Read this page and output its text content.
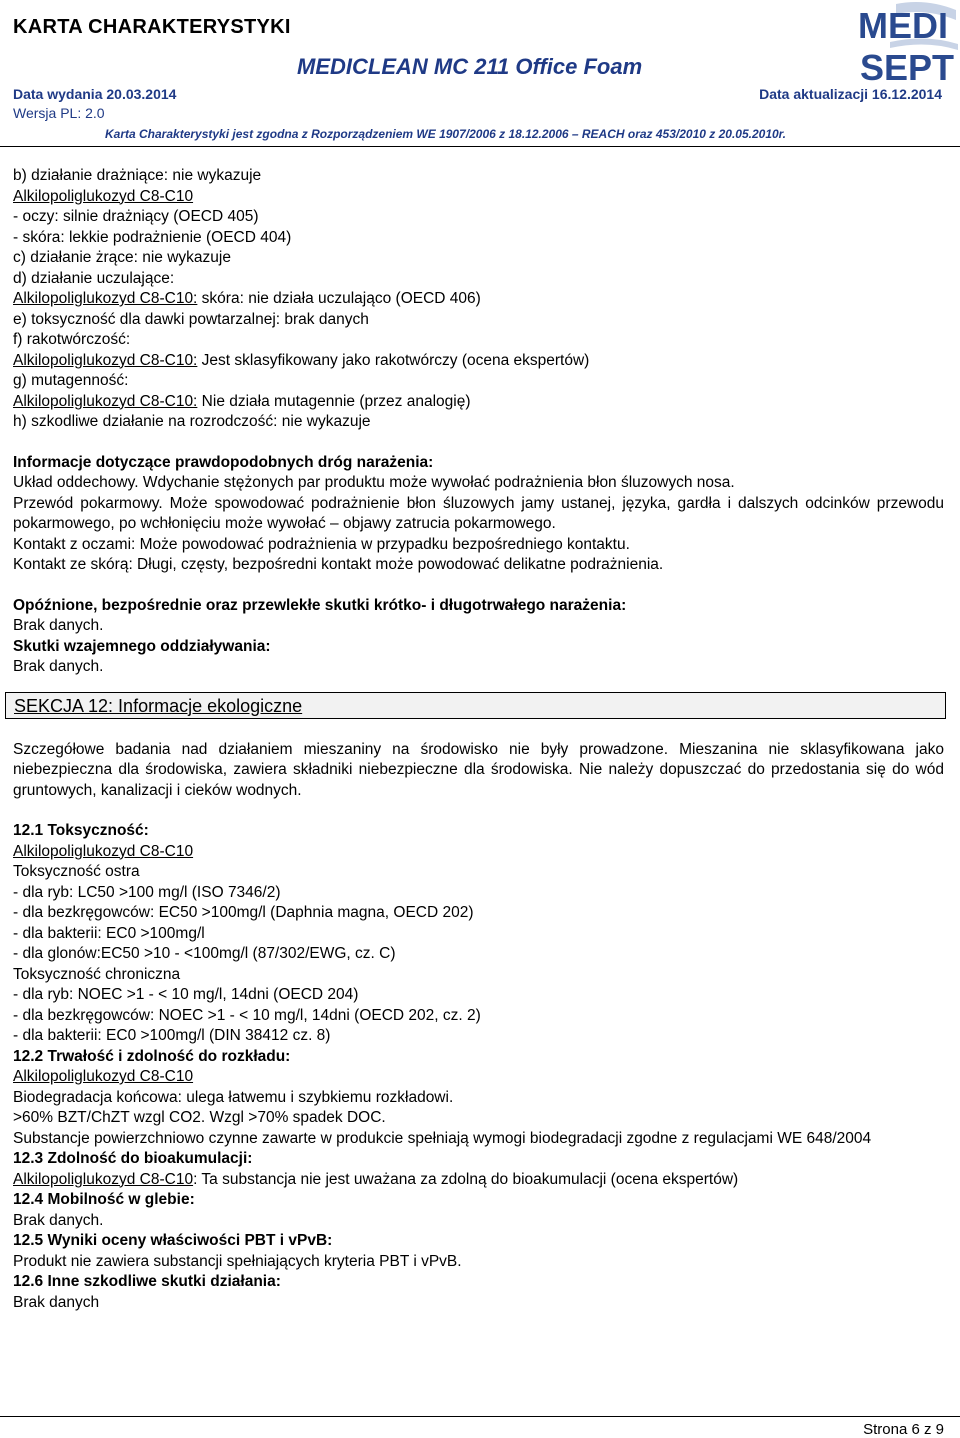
KARTA CHARAKTERYSTYKI
MEDICLEAN MC 211 Office Foam
Data wydania 20.03.2014	Data aktualizacji 16.12.2014
Wersja PL: 2.0
Karta Charakterystyki jest zgodna z Rozporządzeniem WE 1907/2006 z 18.12.2006 – REACH oraz 453/2010 z 20.05.2010r.
MEDI
SEPT
b) działanie drażniące: nie wykazuje
Alkilopoliglukozyd C8-C10
- oczy: silnie drażniący (OECD 405)
- skóra: lekkie podrażnienie (OECD 404)
c) działanie żrące: nie wykazuje
d) działanie uczulające:
Alkilopoliglukozyd C8-C10: skóra: nie działa uczulająco (OECD 406)
e) toksyczność dla dawki powtarzalnej: brak danych
f) rakotwórczość:
Alkilopoliglukozyd C8-C10: Jest sklasyfikowany jako rakotwórczy (ocena ekspertów)
g) mutagenność:
Alkilopoliglukozyd C8-C10: Nie działa mutagennie (przez analogię)
h) szkodliwe działanie na rozrodczość: nie wykazuje
Informacje dotyczące prawdopodobnych dróg narażenia:
Układ oddechowy. Wdychanie stężonych par produktu może wywołać podrażnienia błon śluzowych nosa.
Przewód pokarmowy. Może spowodować podrażnienie błon śluzowych jamy ustanej, języka, gardła i dalszych odcinków przewodu pokarmowego, po wchłonięciu może wywołać – objawy zatrucia pokarmowego.
Kontakt z oczami: Może powodować podrażnienia w przypadku bezpośredniego kontaktu.
Kontakt ze skórą: Długi, częsty, bezpośredni kontakt może powodować delikatne podrażnienia.
Opóźnione, bezpośrednie oraz przewlekłe skutki krótko- i długotrwałego narażenia:
Brak danych.
Skutki wzajemnego oddziaływania:
Brak danych.
SEKCJA 12: Informacje ekologiczne
Szczegółowe badania nad działaniem mieszaniny na środowisko nie były prowadzone. Mieszanina nie sklasyfikowana jako niebezpieczna dla środowiska, zawiera składniki niebezpieczne dla środowiska. Nie należy dopuszczać do przedostania się do wód gruntowych, kanalizacji i cieków wodnych.
12.1 Toksyczność:
Alkilopoliglukozyd C8-C10
Toksyczność ostra
- dla ryb: LC50 >100 mg/l (ISO 7346/2)
- dla bezkręgowców: EC50 >100mg/l (Daphnia magna, OECD 202)
- dla bakterii: EC0 >100mg/l
- dla glonów:EC50 >10 - <100mg/l (87/302/EWG, cz. C)
Toksyczność chroniczna
- dla ryb: NOEC >1 - < 10 mg/l, 14dni (OECD 204)
- dla bezkręgowców: NOEC >1 - < 10 mg/l, 14dni (OECD 202, cz. 2)
- dla bakterii: EC0 >100mg/l (DIN 38412 cz. 8)
12.2 Trwałość i zdolność do rozkładu:
Alkilopoliglukozyd C8-C10
Biodegradacja końcowa: ulega łatwemu i szybkiemu rozkładowi.
>60% BZT/ChZT wzgl CO2. Wzgl >70% spadek DOC.
Substancje powierzchniowo czynne zawarte w produkcie spełniają wymogi biodegradacji zgodne z regulacjami WE 648/2004
12.3 Zdolność do bioakumulacji:
Alkilopoliglukozyd C8-C10: Ta substancja nie jest uważana za zdolną do bioakumulacji (ocena ekspertów)
12.4 Mobilność w glebie:
Brak danych.
12.5 Wyniki oceny właściwości PBT i vPvB:
Produkt nie zawiera substancji spełniających kryteria PBT i vPvB.
12.6 Inne szkodliwe skutki działania:
Brak danych
Strona 6 z 9
